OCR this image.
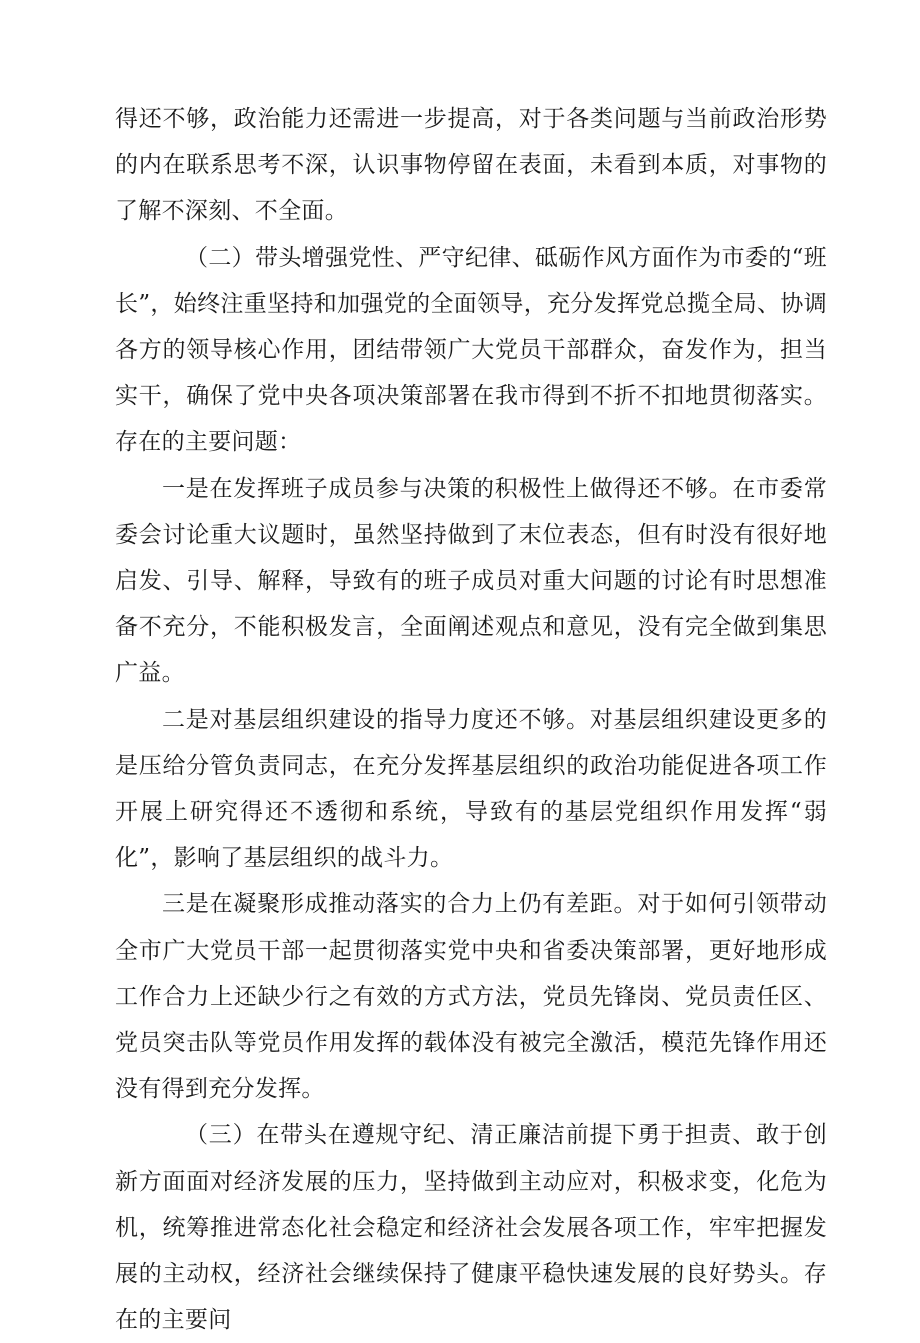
得还不够，政治能力还需进一步提高，对于各类问题与当前政治形势的内在联系思考不深，认识事物停留在表面，未看到本质，对事物的了解不深刻、不全面。

（二）带头增强党性、严守纪律、砥砺作风方面作为市委的“班长”，始终注重坚持和加强党的全面领导，充分发挥党总揽全局、协调各方的领导核心作用，团结带领广大党员干部群众，奋发作为，担当实干，确保了党中央各项决策部署在我市得到不折不扣地贯彻落实。存在的主要问题：

一是在发挥班子成员参与决策的积极性上做得还不够。在市委常委会讨论重大议题时，虽然坚持做到了末位表态，但有时没有很好地启发、引导、解释，导致有的班子成员对重大问题的讨论有时思想准备不充分，不能积极发言，全面阐述观点和意见，没有完全做到集思广益。

二是对基层组织建设的指导力度还不够。对基层组织建设更多的是压给分管负责同志，在充分发挥基层组织的政治功能促进各项工作开展上研究得还不透彻和系统，导致有的基层党组织作用发挥“弱化”，影响了基层组织的战斗力。

三是在凝聚形成推动落实的合力上仍有差距。对于如何引领带动全市广大党员干部一起贯彻落实党中央和省委决策部署，更好地形成工作合力上还缺少行之有效的方式方法，党员先锋岗、党员责任区、党员突击队等党员作用发挥的载体没有被完全激活，模范先锋作用还没有得到充分发挥。

（三）在带头在遵规守纪、清正廉洁前提下勇于担责、敢于创新方面面对经济发展的压力，坚持做到主动应对，积极求变，化危为机，统筹推进常态化社会稳定和经济社会发展各项工作，牢牢把握发展的主动权，经济社会继续保持了健康平稳快速发展的良好势头。存在的主要问
